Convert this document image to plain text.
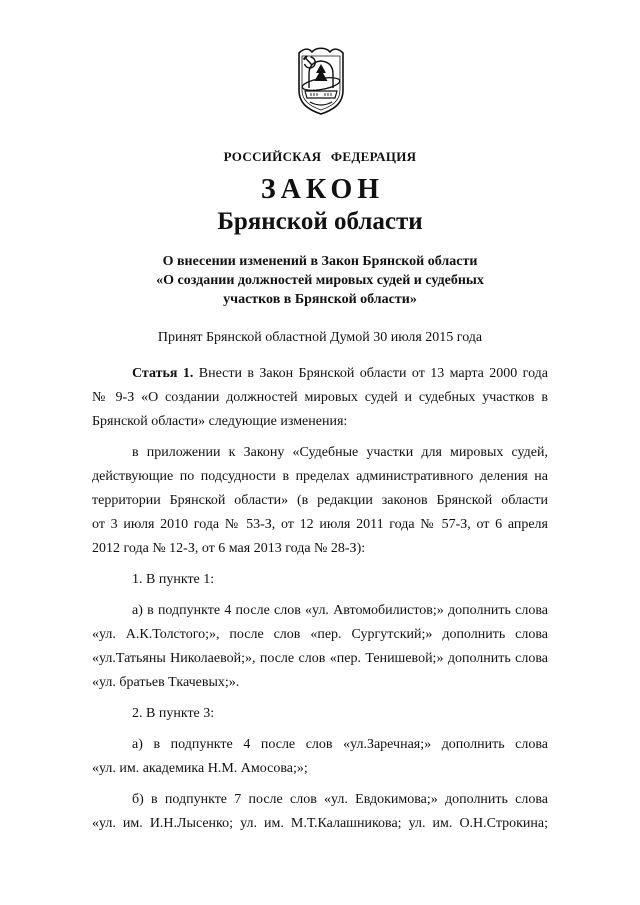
РОССИЙСКАЯ ФЕДЕРАЦИЯ
ЗАКОН
Брянской области
О внесении изменений в Закон Брянской области
«О создании должностей мировых судей и судебных
участков в Брянской области»
Принят Брянской областной Думой 30 июля 2015 года
Статья 1. Внести в Закон Брянской области от 13 марта 2000 года
№ 9-З «О создании должностей мировых судей и судебных участков в
Брянской области» следующие изменения:
в приложении к Закону «Судебные участки для мировых судей,
действующие по подсудности в пределах административного деления на
территории Брянской области» (в редакции законов Брянской области
от 3 июля 2010 года № 53-З, от 12 июля 2011 года № 57-З, от 6 апреля
2012 года № 12-З, от 6 мая 2013 года № 28-З):
1. В пункте 1:
а) в подпункте 4 после слов «ул. Автомобилистов;» дополнить слова
«ул. А.К.Толстого;», после слов «пер. Сургутский;» дополнить слова
«ул.Татьяны Николаевой;», после слов «пер. Тенишевой;» дополнить слова
«ул. братьев Ткачевых;».
2. В пункте 3:
а) в подпункте 4 после слов «ул.Заречная;» дополнить слова
«ул. им. академика Н.М. Амосова;»;
б) в подпункте 7 после слов «ул. Евдокимова;» дополнить слова
«ул. им. И.Н.Лысенко; ул. им. М.Т.Калашникова; ул. им. О.Н.Строкина;
